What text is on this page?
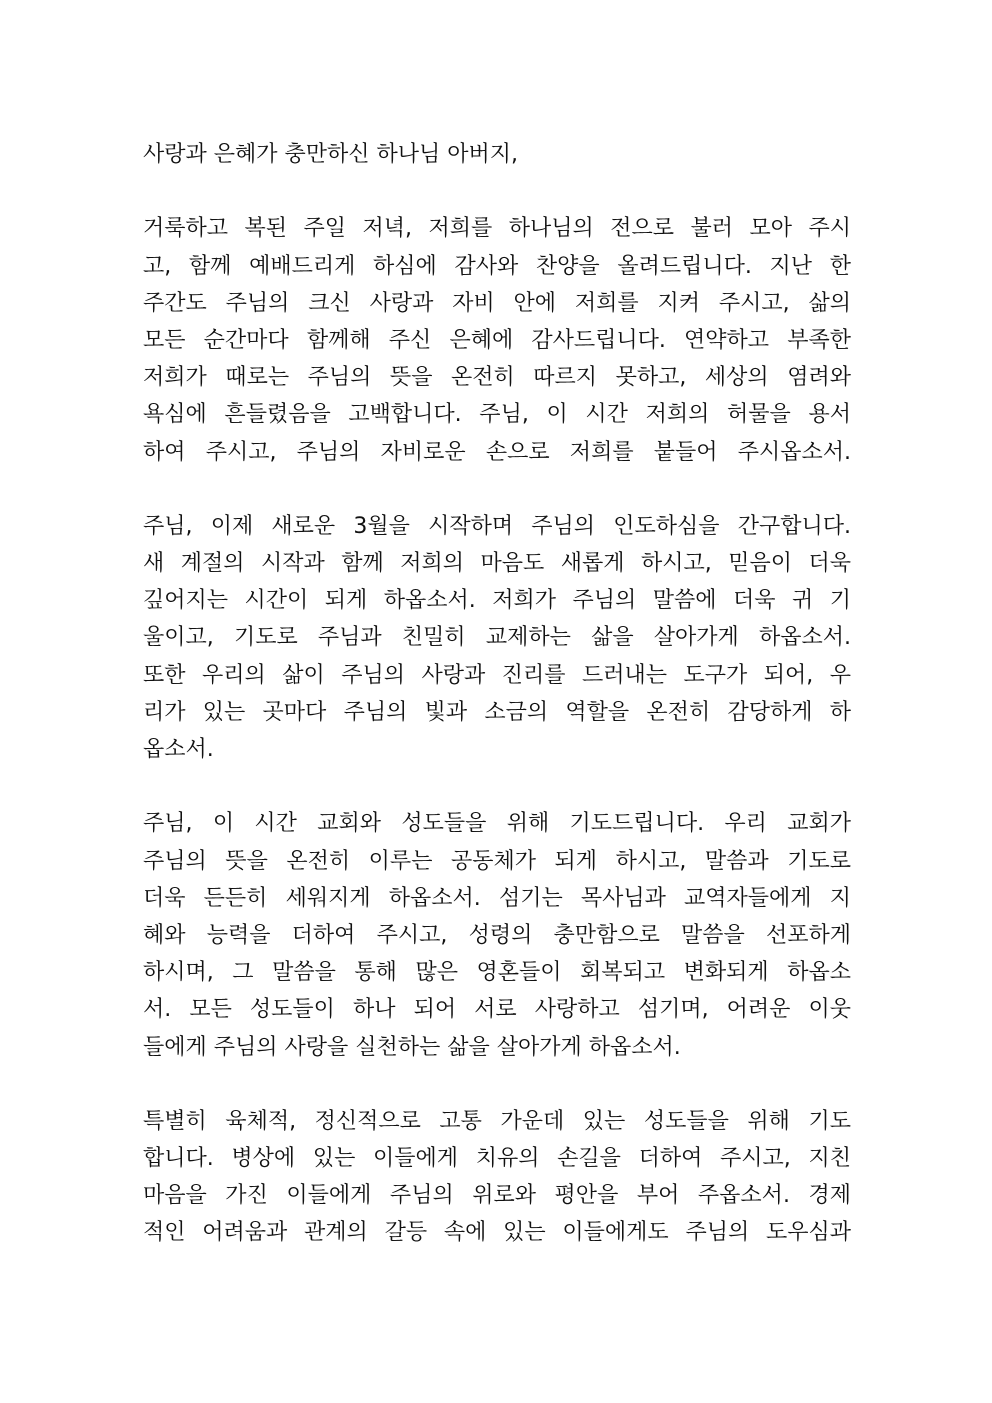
사랑과 은혜가 충만하신 하나님 아버지,
거룩하고 복된 주일 저녁, 저희를 하나님의 전으로 불러 모아 주시
고, 함께 예배드리게 하심에 감사와 찬양을 올려드립니다. 지난 한
주간도 주님의 크신 사랑과 자비 안에 저희를 지켜 주시고, 삶의
모든 순간마다 함께해 주신 은혜에 감사드립니다. 연약하고 부족한
저희가 때로는 주님의 뜻을 온전히 따르지 못하고, 세상의 염려와
욕심에 흔들렸음을 고백합니다. 주님, 이 시간 저희의 허물을 용서
하여 주시고, 주님의 자비로운 손으로 저희를 붙들어 주시옵소서.
주님, 이제 새로운 3월을 시작하며 주님의 인도하심을 간구합니다.
새 계절의 시작과 함께 저희의 마음도 새롭게 하시고, 믿음이 더욱
깊어지는 시간이 되게 하옵소서. 저희가 주님의 말씀에 더욱 귀 기
울이고, 기도로 주님과 친밀히 교제하는 삶을 살아가게 하옵소서.
또한 우리의 삶이 주님의 사랑과 진리를 드러내는 도구가 되어, 우
리가 있는 곳마다 주님의 빛과 소금의 역할을 온전히 감당하게 하
옵소서.
주님, 이 시간 교회와 성도들을 위해 기도드립니다. 우리 교회가
주님의 뜻을 온전히 이루는 공동체가 되게 하시고, 말씀과 기도로
더욱 든든히 세워지게 하옵소서. 섬기는 목사님과 교역자들에게 지
혜와 능력을 더하여 주시고, 성령의 충만함으로 말씀을 선포하게
하시며, 그 말씀을 통해 많은 영혼들이 회복되고 변화되게 하옵소
서. 모든 성도들이 하나 되어 서로 사랑하고 섬기며, 어려운 이웃
들에게 주님의 사랑을 실천하는 삶을 살아가게 하옵소서.
특별히 육체적, 정신적으로 고통 가운데 있는 성도들을 위해 기도
합니다. 병상에 있는 이들에게 치유의 손길을 더하여 주시고, 지친
마음을 가진 이들에게 주님의 위로와 평안을 부어 주옵소서. 경제
적인 어려움과 관계의 갈등 속에 있는 이들에게도 주님의 도우심과
